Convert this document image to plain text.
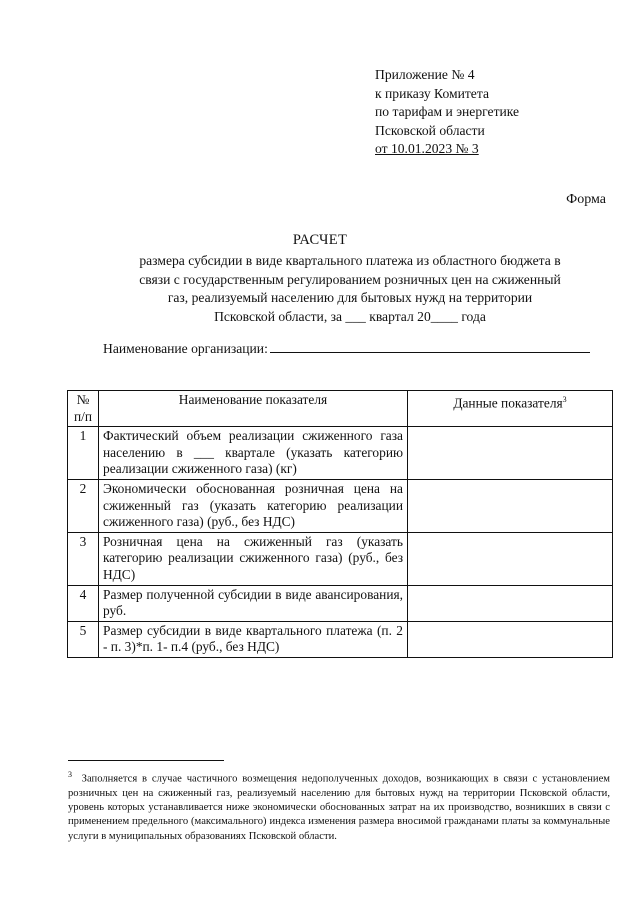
Приложение № 4
к приказу Комитета
по тарифам и энергетике
Псковской области
от 10.01.2023 № 3
Форма
РАСЧЕТ
размера субсидии в виде квартального платежа из областного бюджета в
связи с государственным регулированием розничных цен на сжиженный
газ, реализуемый населению для бытовых нужд на территории
Псковской области, за ___ квартал 20____ года
Наименование организации:
№ п/п	Наименование показателя	Данные показателя$^3$
1	Фактический объем реализации сжиженного газа населению в ___ квартале (указать категорию реализации сжиженного газа) (кг)	
2	Экономически обоснованная розничная цена на сжиженный газ (указать категорию реализации сжиженного газа) (руб., без НДС)	
3	Розничная цена на сжиженный газ (указать категорию реализации сжиженного газа) (руб., без НДС)	
4	Размер полученной субсидии в виде авансирования, руб.	
5	Размер субсидии в виде квартального платежа (п. 2 - п. 3)*п. 1- п.4 (руб., без НДС)	
$^3$ Заполняется в случае частичного возмещения недополученных доходов, возникающих в связи с установлением розничных цен на сжиженный газ, реализуемый населению для бытовых нужд на территории Псковской области, уровень которых устанавливается ниже экономически обоснованных затрат на их производство, возникших в связи с применением предельного (максимального) индекса изменения размера вносимой гражданами платы за коммунальные услуги в муниципальных образованиях Псковской области.
